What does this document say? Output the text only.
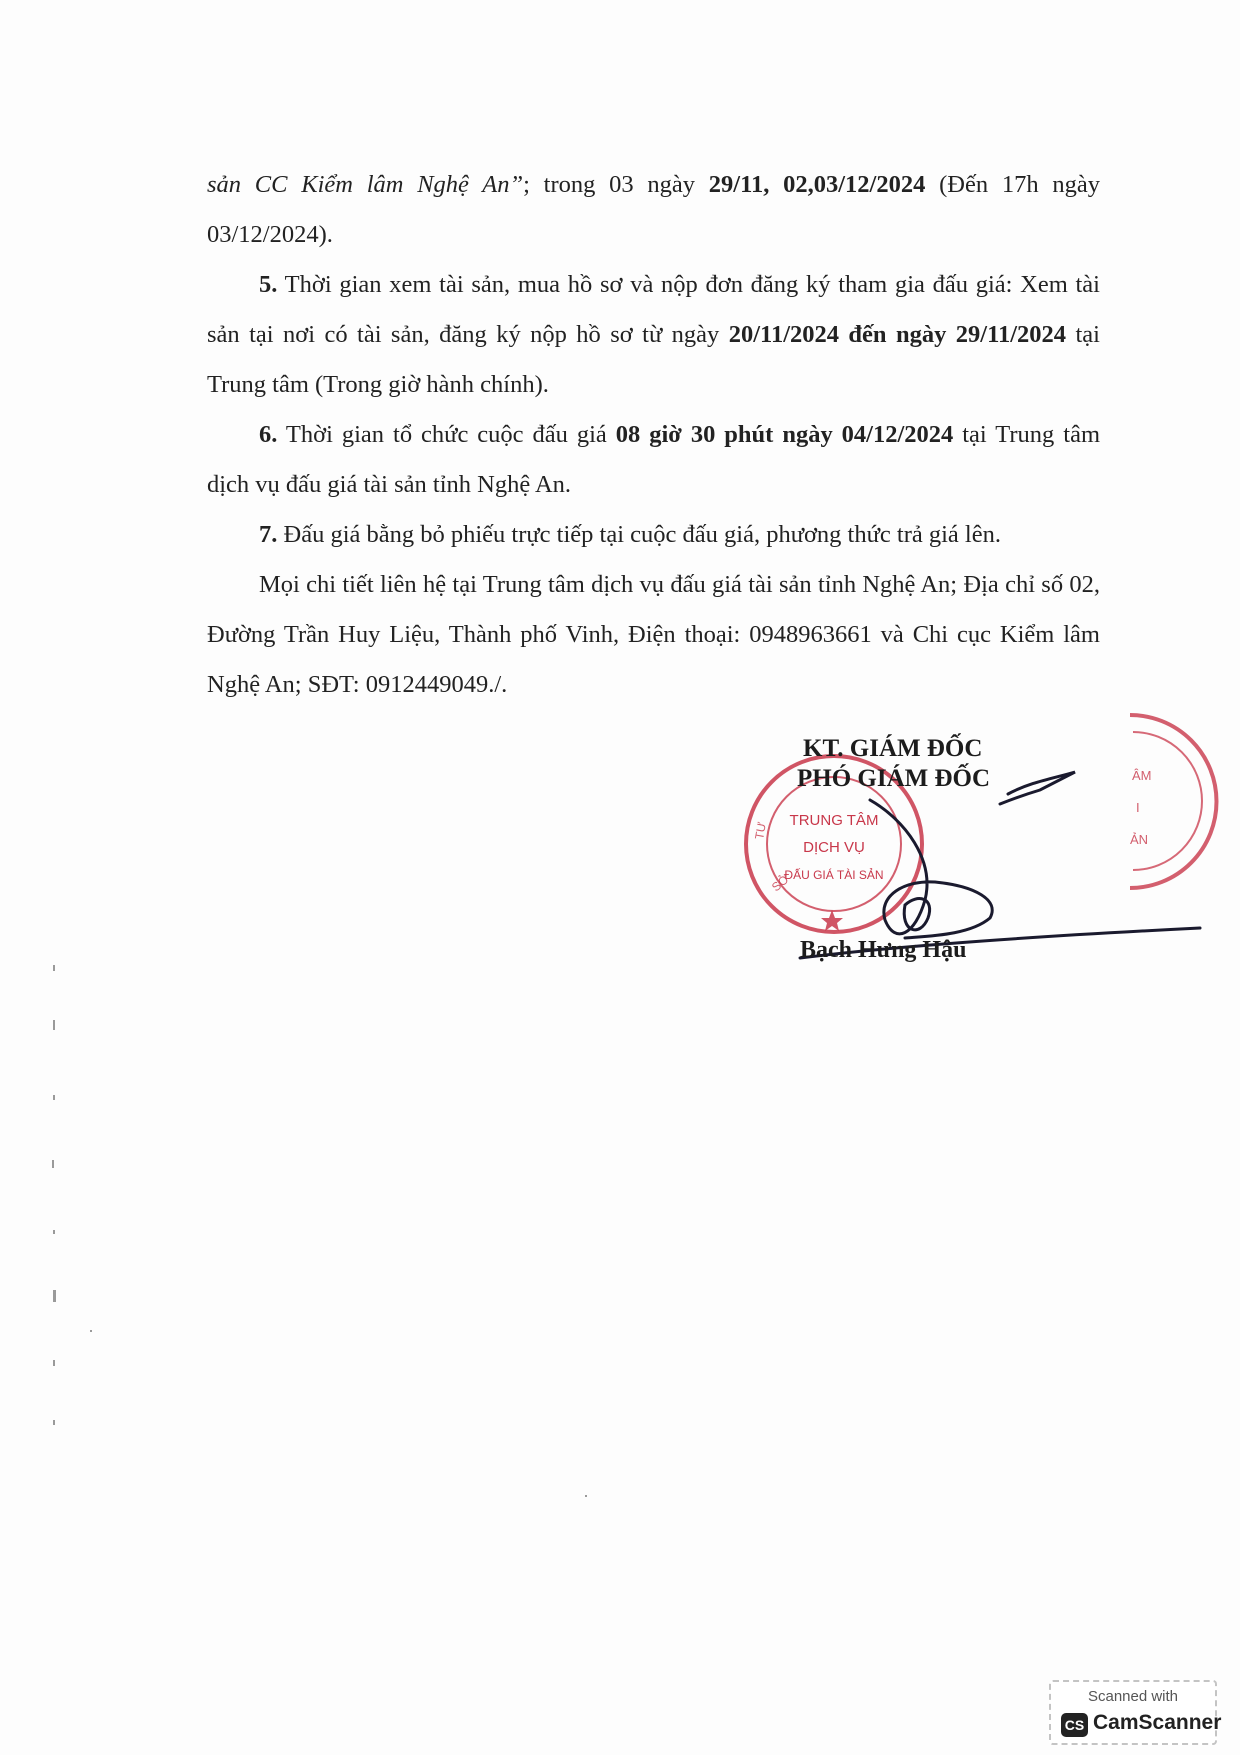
sản CC Kiểm lâm Nghệ An”; trong 03 ngày 29/11, 02,03/12/2024 (Đến 17h ngày 03/12/2024).

5. Thời gian xem tài sản, mua hồ sơ và nộp đơn đăng ký tham gia đấu giá: Xem tài sản tại nơi có tài sản, đăng ký nộp hồ sơ từ ngày 20/11/2024 đến ngày 29/11/2024 tại Trung tâm (Trong giờ hành chính).

6. Thời gian tổ chức cuộc đấu giá 08 giờ 30 phút ngày 04/12/2024 tại Trung tâm dịch vụ đấu giá tài sản tỉnh Nghệ An.

7. Đấu giá bằng bỏ phiếu trực tiếp tại cuộc đấu giá, phương thức trả giá lên.

Mọi chi tiết liên hệ tại Trung tâm dịch vụ đấu giá tài sản tỉnh Nghệ An; Địa chỉ số 02, Đường Trần Huy Liệu, Thành phố Vinh, Điện thoại: 0948963661 và Chi cục Kiểm lâm Nghệ An; SĐT: 0912449049./.

TRUNG TÂM
DỊCH VỤ
ĐẤU GIÁ TÀI SẢN
TƯ
SỞ
ÂM
I
ẢN
KT. GIÁM ĐỐC
PHÓ GIÁM ĐỐC
Bạch Hưng Hậu
Scanned with
CS CamScanner
